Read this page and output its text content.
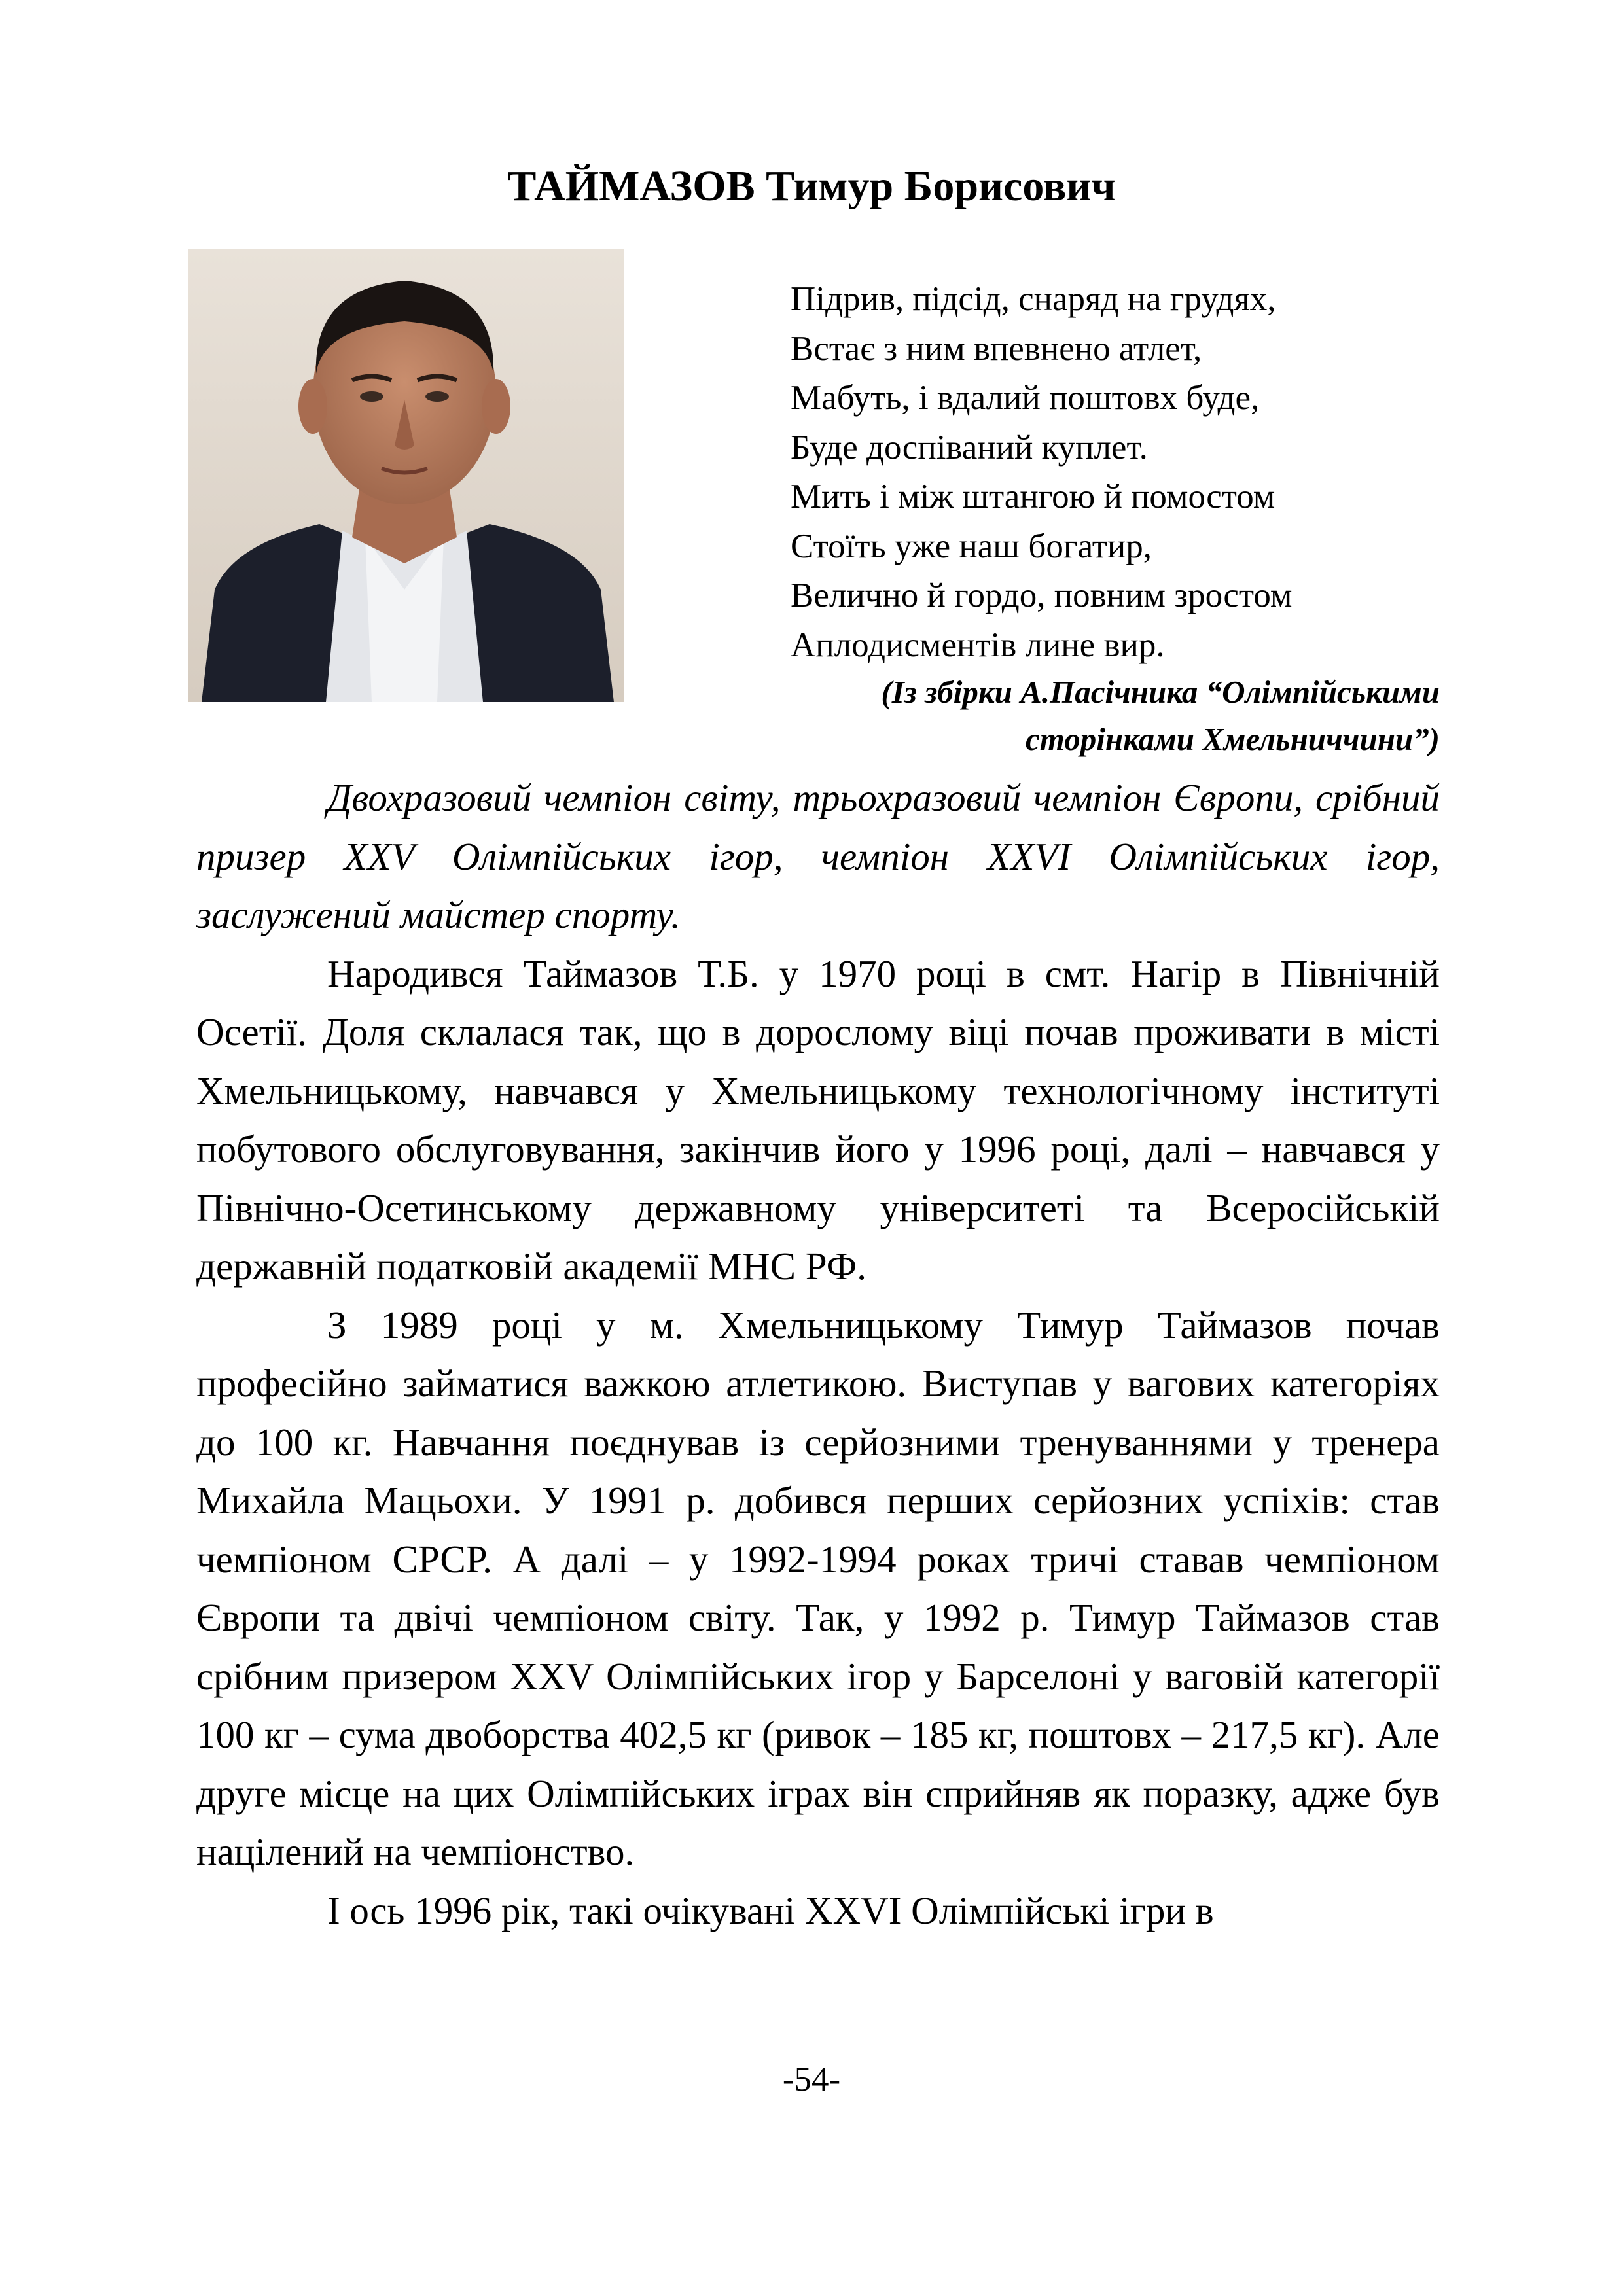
ТАЙМАЗОВ Тимур Борисович
Підрив, підсід, снаряд на грудях,
Встає з ним впевнено атлет,
Мабуть, і вдалий поштовх буде,
Буде доспіваний куплет.
Мить і між штангою й помостом
Стоїть уже наш богатир,
Велично й гордо, повним зростом
Аплодисментів лине вир.
(Із збірки А.Пасічника “Олімпійськими
сторінками Хмельниччини”)

Двохразовий чемпіон світу, трьохразовий чемпіон Європи, срібний призер XXV Олімпійських ігор, чемпіон XXVI Олімпійських ігор, заслужений майстер спорту.

Народився Таймазов Т.Б. у 1970 році в смт. Нагір в Північній Осетії. Доля склалася так, що в дорослому віці почав проживати в місті Хмельницькому, навчався у Хмельницькому технологічному інституті побутового обслуговування, закінчив його у 1996 році, далі – навчався у Північно-Осетинському державному університеті та Всеросійській державній податковій академії МНС РФ.

З 1989 році у м. Хмельницькому Тимур Таймазов почав професійно займатися важкою атлетикою. Виступав у вагових категоріях до 100 кг. Навчання поєднував із серйозними тренуваннями у тренера Михайла Мацьохи. У 1991 р. добився перших серйозних успіхів: став чемпіоном СРСР. А далі – у 1992-1994 роках тричі ставав чемпіоном Європи та двічі чемпіоном світу. Так, у 1992 р. Тимур Таймазов став срібним призером XXV Олімпійських ігор у Барселоні у ваговій категорії 100 кг – сума двоборства 402,5 кг (ривок – 185 кг, поштовх – 217,5 кг). Але друге місце на цих Олімпійських іграх він сприйняв як поразку, адже був націлений на чемпіонство.

І ось 1996 рік, такі очікувані XXVI Олімпійські ігри в

-54-
